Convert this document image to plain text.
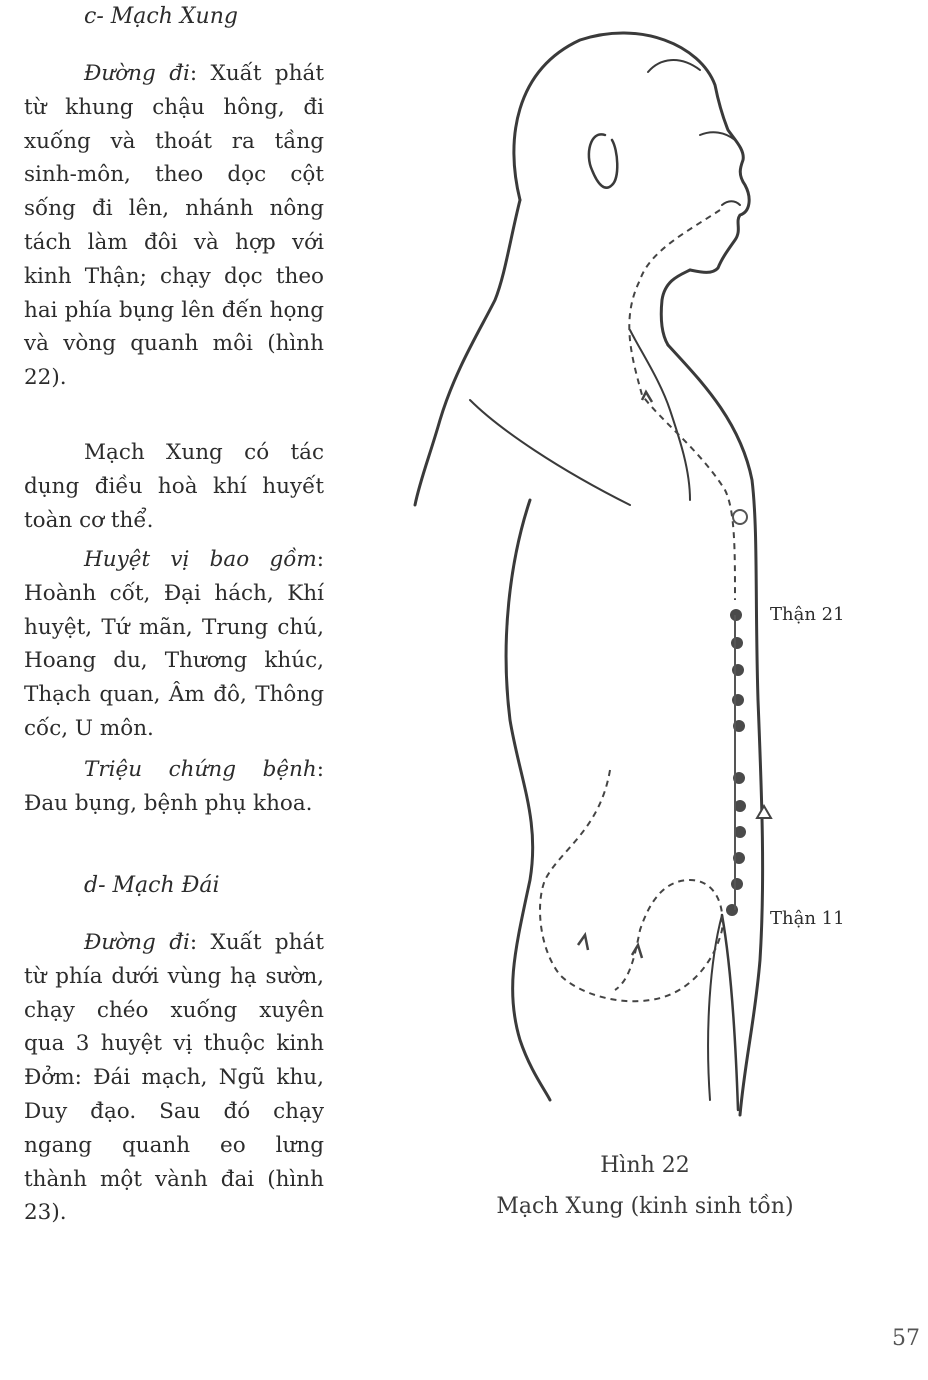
c- Mạch Xung

Đường đi: Xuất phát từ khung chậu hông, đi xuống và thoát ra tầng sinh-môn, theo dọc cột sống đi lên, nhánh nông tách làm đôi và hợp với kinh Thận; chạy dọc theo hai phía bụng lên đến họng và vòng quanh môi (hình 22).

Mạch Xung có tác dụng điều hoà khí huyết toàn cơ thể.

Huyệt vị bao gồm: Hoành cốt, Đại hách, Khí huyệt, Tứ mãn, Trung chú, Hoang du, Thương khúc, Thạch quan, Âm đô, Thông cốc, U môn.

Triệu chứng bệnh: Đau bụng, bệnh phụ khoa.

d- Mạch Đái

Đường đi: Xuất phát từ phía dưới vùng hạ sườn, chạy chéo xuống xuyên qua 3 huyệt vị thuộc kinh Đởm: Đái mạch, Ngũ khu, Duy đạo. Sau đó chạy ngang quanh eo lưng thành một vành đai (hình 23).

Thận 21
Thận 11
Hình 22
Mạch Xung (kinh sinh tồn)
57
